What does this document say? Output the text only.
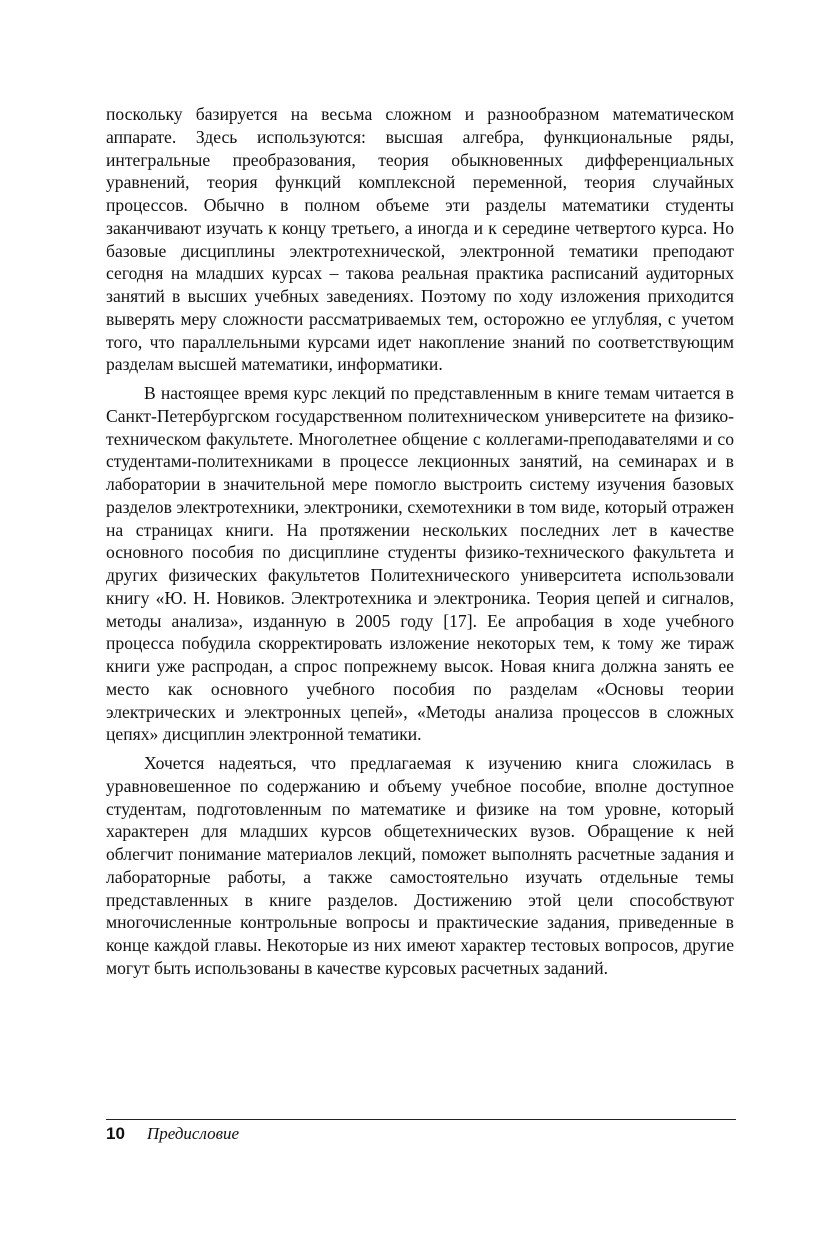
поскольку базируется на весьма сложном и разнообразном математическом аппарате. Здесь используются: высшая алгебра, функциональные ряды, интегральные преобразования, теория обыкновенных дифференциальных уравнений, теория функций комплексной переменной, теория случайных процессов. Обычно в полном объеме эти разделы математики студенты заканчивают изучать к концу третьего, а иногда и к середине четвертого курса. Но базовые дисциплины электротехнической, электронной тематики преподают сегодня на младших курсах – такова реальная практика расписаний аудиторных занятий в высших учебных заведениях. Поэтому по ходу изложения приходится выверять меру сложности рассматриваемых тем, осторожно ее углубляя, с учетом того, что параллельными курсами идет накопление знаний по соответствующим разделам высшей математики, информатики.

В настоящее время курс лекций по представленным в книге темам читается в Санкт-Петербургском государственном политехническом университете на физико-техническом факультете. Многолетнее общение с коллегами-преподавателями и со студентами-политехниками в процессе лекционных занятий, на семинарах и в лаборатории в значительной мере помогло выстроить систему изучения базовых разделов электротехники, электроники, схемотехники в том виде, который отражен на страницах книги. На протяжении нескольких последних лет в качестве основного пособия по дисциплине студенты физико-технического факультета и других физических факультетов Политехнического университета использовали книгу «Ю. Н. Новиков. Электротехника и электроника. Теория цепей и сигналов, методы анализа», изданную в 2005 году [17]. Ее апробация в ходе учебного процесса побудила скорректировать изложение некоторых тем, к тому же тираж книги уже распродан, а спрос попрежнему высок. Новая книга должна занять ее место как основного учебного пособия по разделам «Основы теории электрических и электронных цепей», «Методы анализа процессов в сложных цепях» дисциплин электронной тематики.

Хочется надеяться, что предлагаемая к изучению книга сложилась в уравновешенное по содержанию и объему учебное пособие, вполне доступное студентам, подготовленным по математике и физике на том уровне, который характерен для младших курсов общетехнических вузов. Обращение к ней облегчит понимание материалов лекций, поможет выполнять расчетные задания и лабораторные работы, а также самостоятельно изучать отдельные темы представленных в книге разделов. Достижению этой цели способствуют многочисленные контрольные вопросы и практические задания, приведенные в конце каждой главы. Некоторые из них имеют характер тестовых вопросов, другие могут быть использованы в качестве курсовых расчетных заданий.

10 Предисловие
